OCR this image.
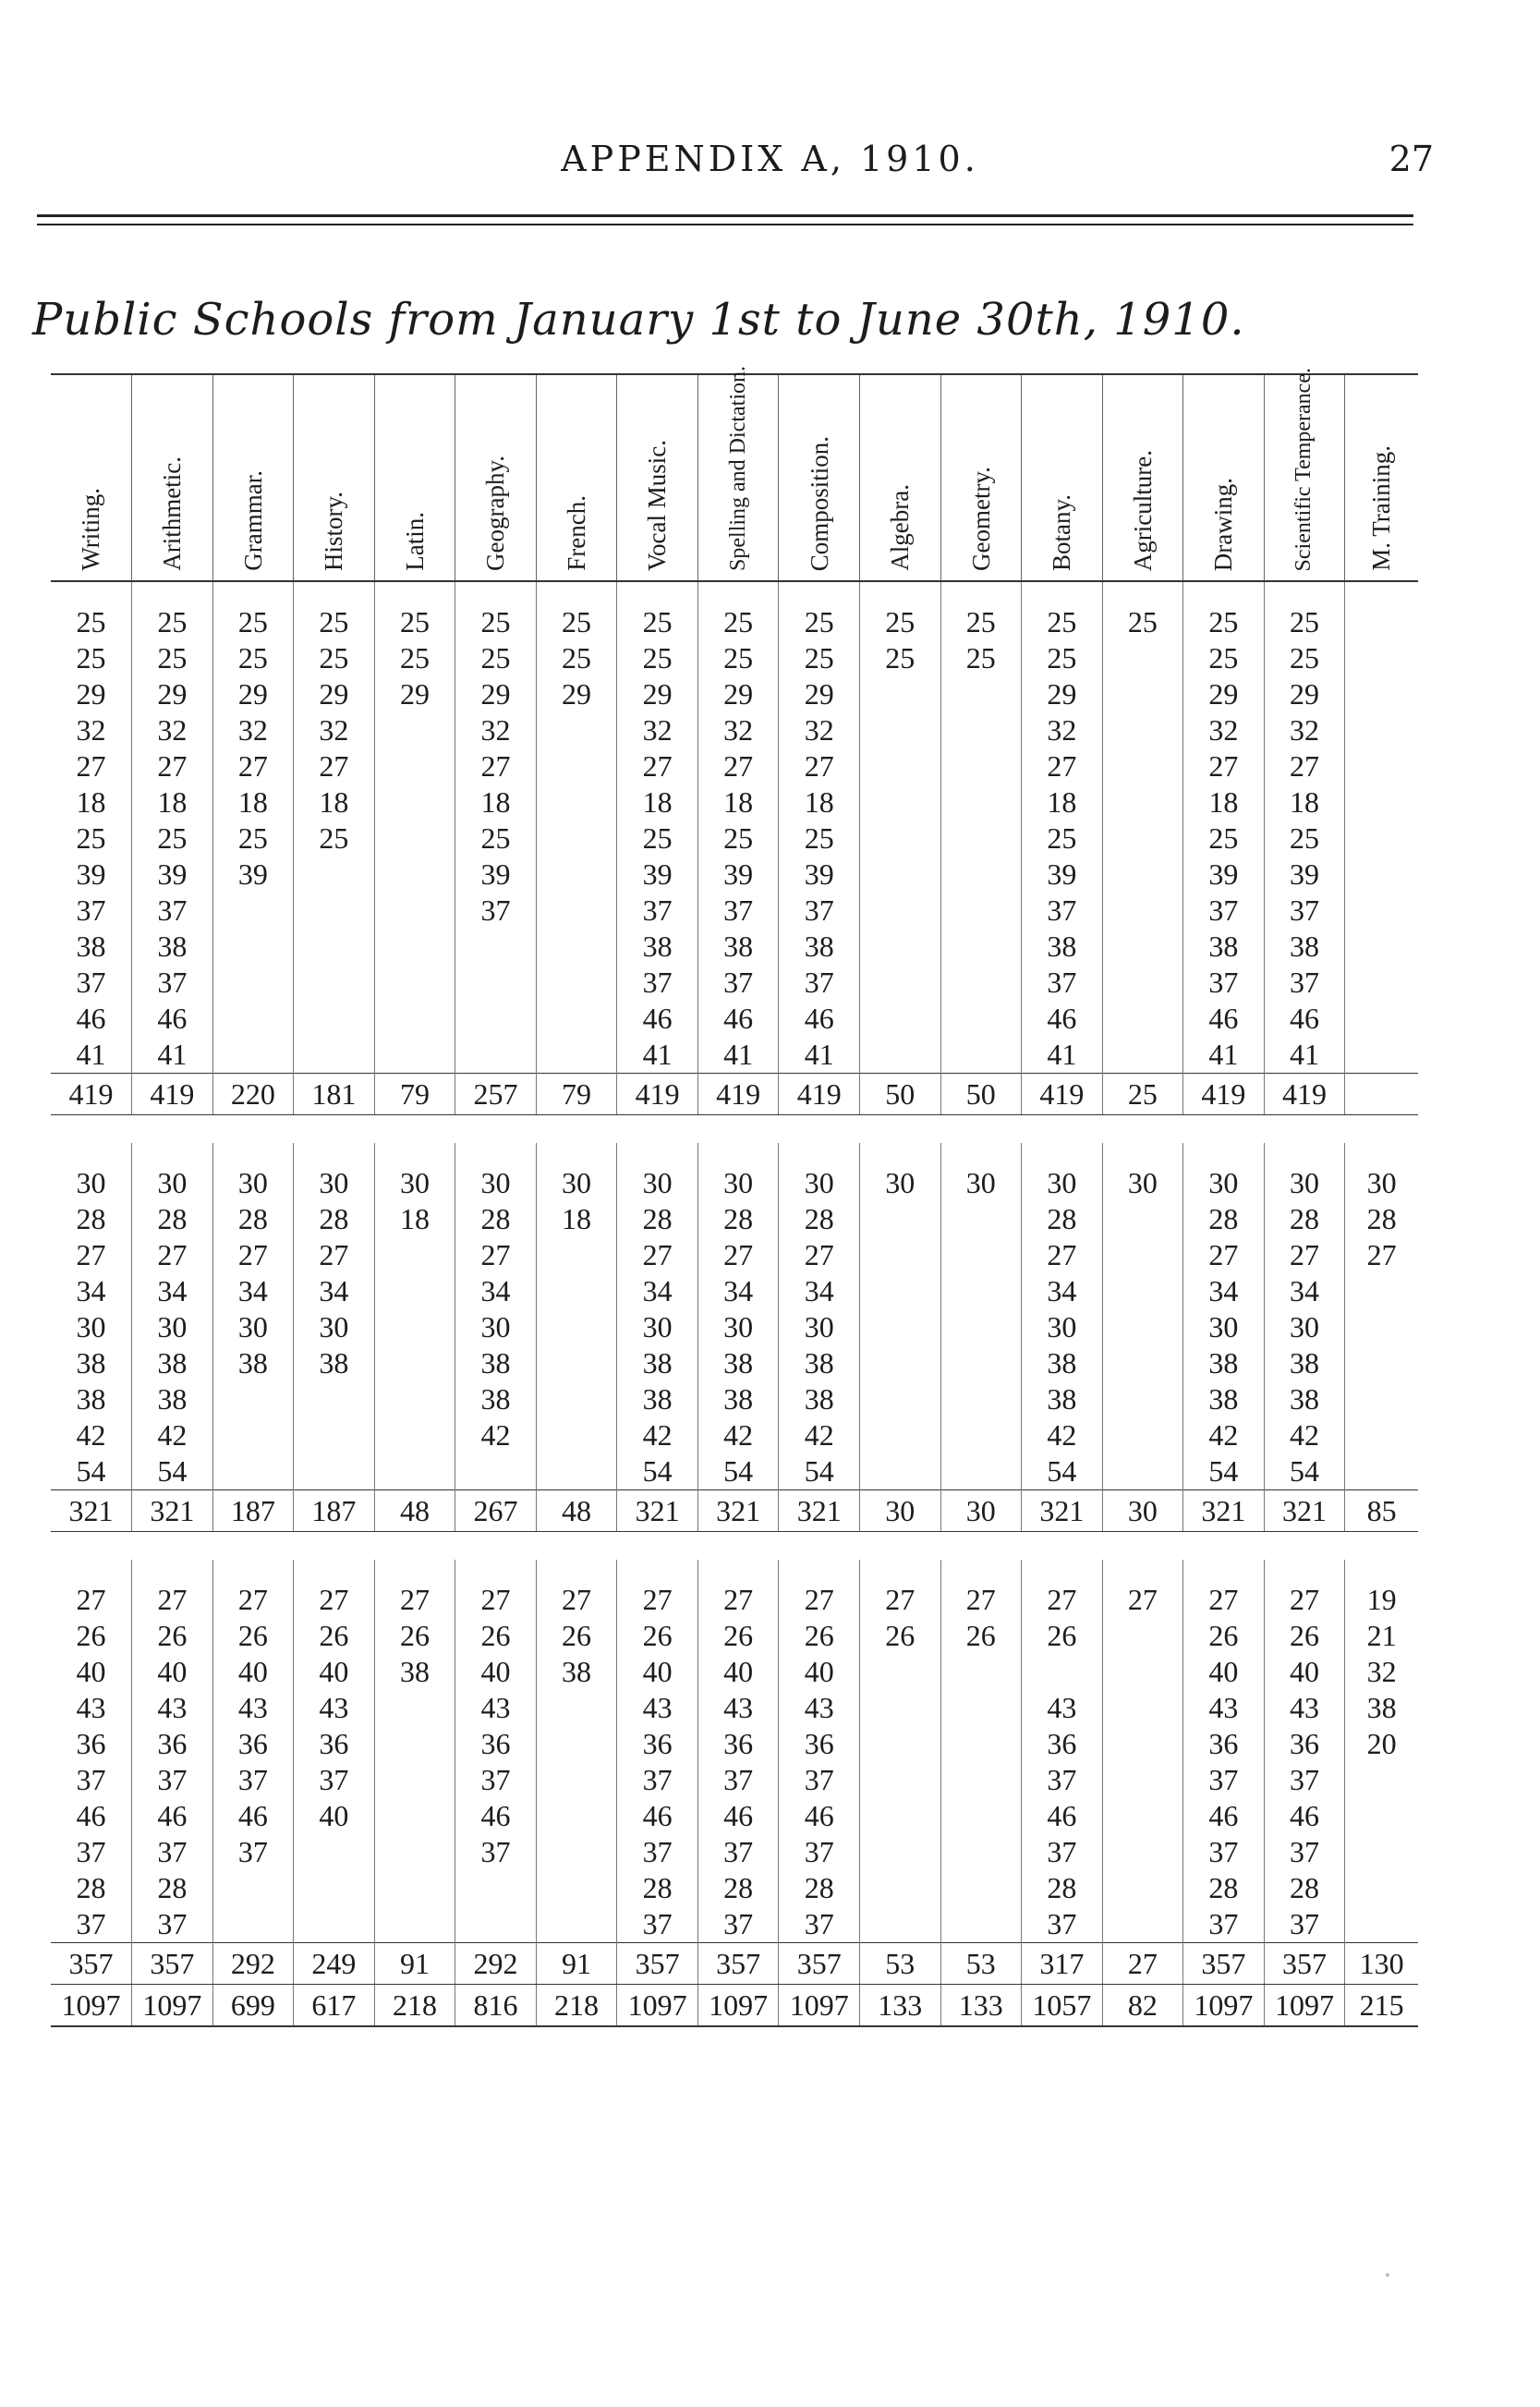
APPENDIX A, 1910.	27
Public Schools from January 1st to June 30th, 1910.
Writing.	Arithmetic.	Grammar.	History.	Latin.	Geography.	French.	Vocal Music.	Spelling and Dictation.	Composition.	Algebra.	Geometry.	Botany.	Agriculture.	Drawing.	Scientific Temperance.	M. Training.

25	25	25	25	25	25	25	25	25	25	25	25	25	25	25	25	
25	25	25	25	25	25	25	25	25	25	25	25	25		25	25	
29	29	29	29	29	29	29	29	29	29			29		29	29	
32	32	32	32		32		32	32	32			32		32	32	
27	27	27	27		27		27	27	27			27		27	27	
18	18	18	18		18		18	18	18			18		18	18	
25	25	25	25		25		25	25	25			25		25	25	
39	39	39			39		39	39	39			39		39	39	
37	37				37		37	37	37			37		37	37	
38	38						38	38	38			38		38	38	
37	37						37	37	37			37		37	37	
46	46						46	46	46			46		46	46	
41	41						41	41	41			41		41	41	
419	419	220	181	79	257	79	419	419	419	50	50	419	25	419	419	

30	30	30	30	30	30	30	30	30	30	30	30	30	30	30	30	30
28	28	28	28	18	28	18	28	28	28			28		28	28	28
27	27	27	27		27		27	27	27			27		27	27	27
34	34	34	34		34		34	34	34			34		34	34	
30	30	30	30		30		30	30	30			30		30	30	
38	38	38	38		38		38	38	38			38		38	38	
38	38				38		38	38	38			38		38	38	
42	42				42		42	42	42			42		42	42	
54	54						54	54	54			54		54	54	
321	321	187	187	48	267	48	321	321	321	30	30	321	30	321	321	85

27	27	27	27	27	27	27	27	27	27	27	27	27	27	27	27	19
26	26	26	26	26	26	26	26	26	26	26	26	26		26	26	21
40	40	40	40	38	40	38	40	40	40					40	40	32
43	43	43	43		43		43	43	43			43		43	43	38
36	36	36	36		36		36	36	36			36		36	36	20
37	37	37	37		37		37	37	37			37		37	37	
46	46	46	40		46		46	46	46			46		46	46	
37	37	37			37		37	37	37			37		37	37	
28	28						28	28	28			28		28	28	
37	37						37	37	37			37		37	37	
357	357	292	249	91	292	91	357	357	357	53	53	317	27	357	357	130
1097	1097	699	617	218	816	218	1097	1097	1097	133	133	1057	82	1097	1097	215
